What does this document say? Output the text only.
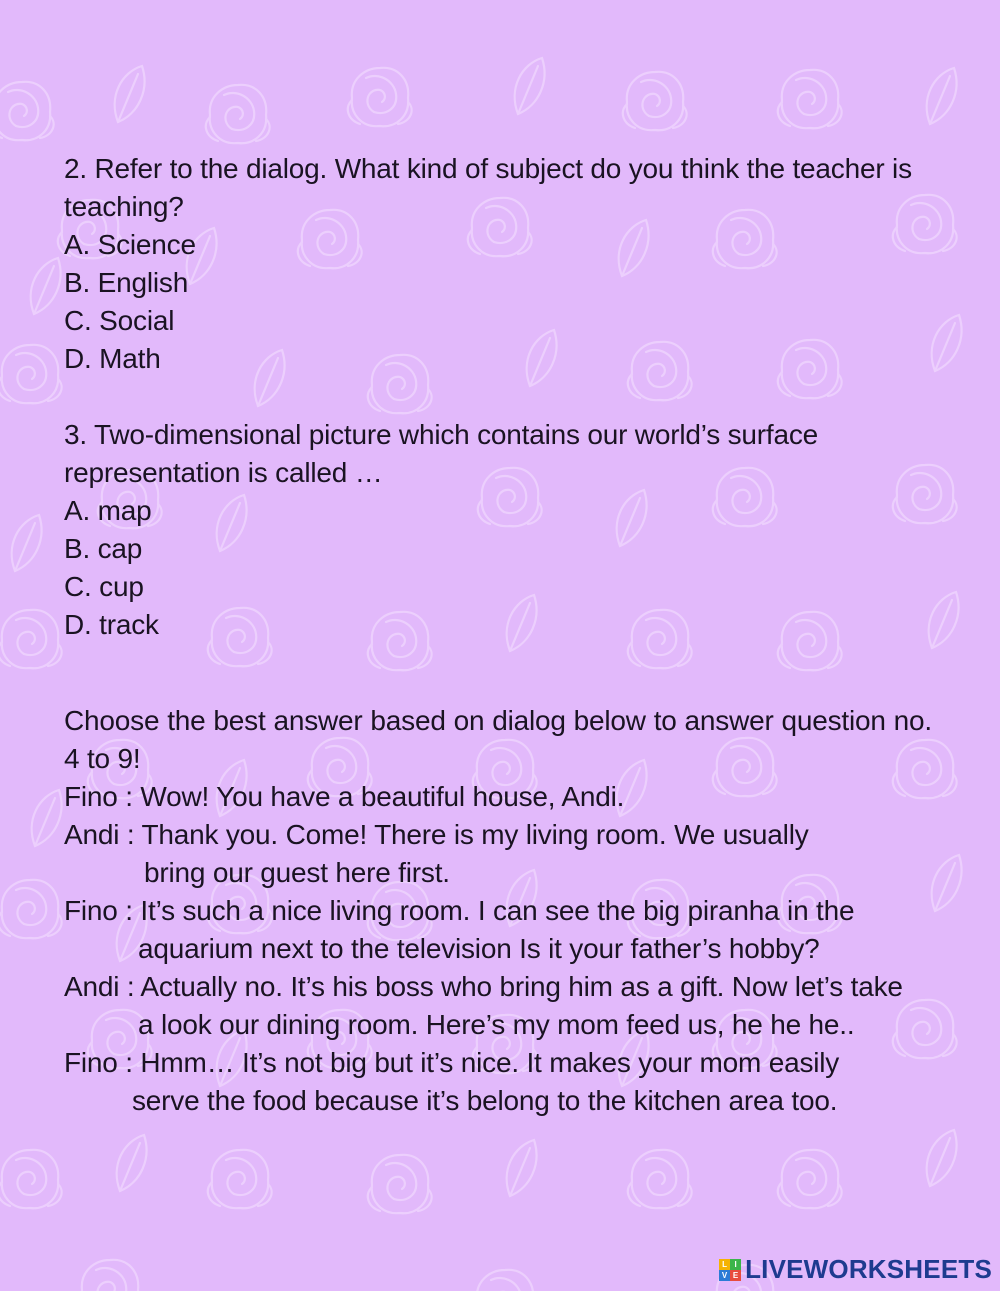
2. Refer to the dialog. What kind of subject do you think the teacher is teaching?
A. Science
B. English
C. Social
D. Math
3. Two-dimensional picture which contains our world’s surface representation is called …
A. map
B. cap
C. cup
D. track
Choose the best answer based on dialog below to answer question no. 4 to 9!
Fino : Wow! You have a beautiful house, Andi.
Andi : Thank you. Come! There is my living room. We usually
bring our guest here first.
Fino : It’s such a nice living room. I can see the big piranha in the
aquarium next to the television Is it your father’s hobby?
Andi : Actually no. It’s his boss who bring him as a gift. Now let’s take
a look our dining room. Here’s my mom feed us, he he he..
Fino : Hmm… It’s not big but it’s nice. It makes your mom easily
serve the food because it’s belong to the kitchen area too.
L I
V E LIVEWORKSHEETS
